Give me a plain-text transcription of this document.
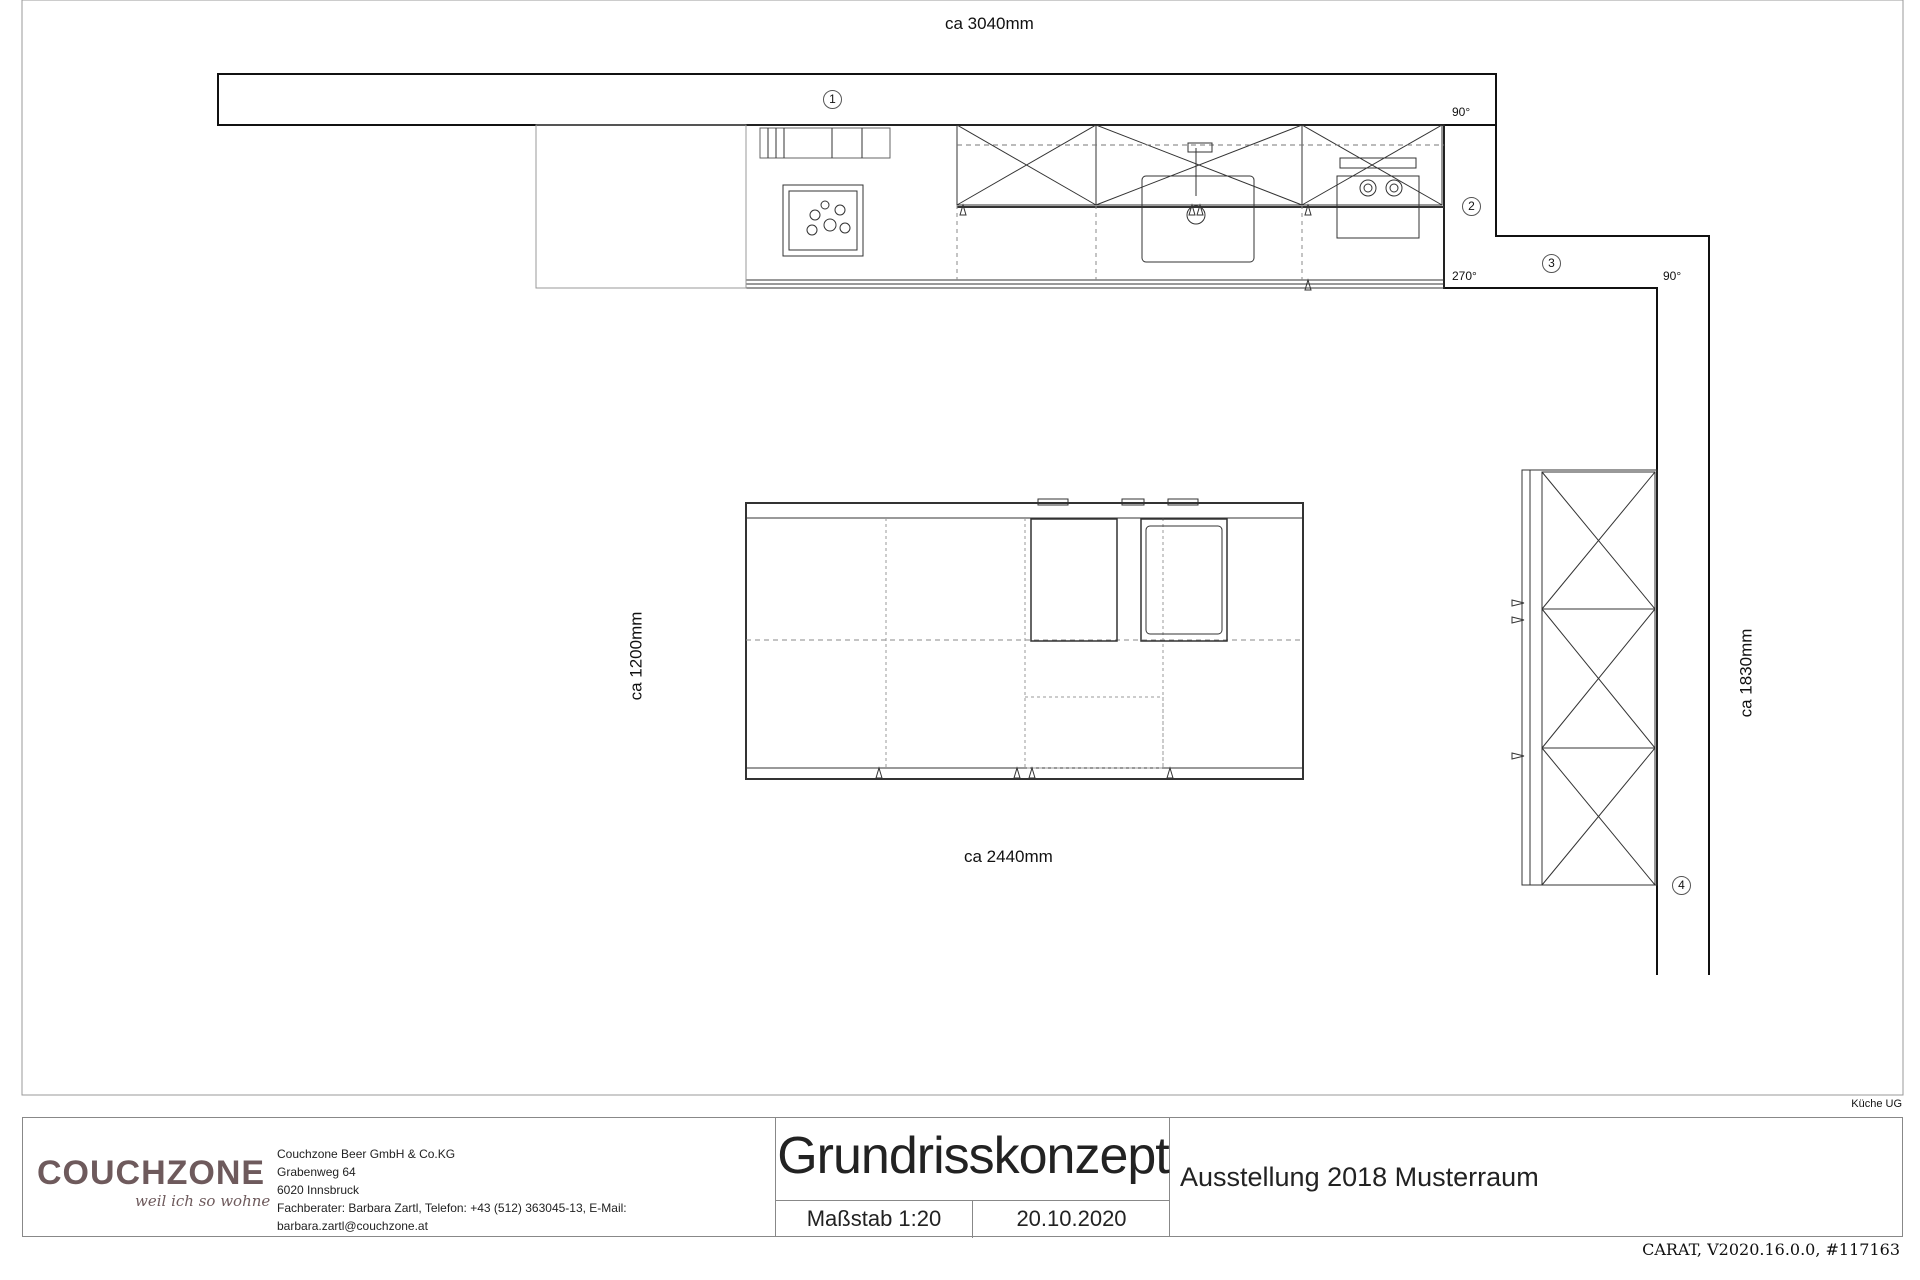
ca 3040mm
ca 1200mm
ca 2440mm
ca 1830mm
90°
270°	90°
1
2
3
4
Küche UG
COUCHZONE
weil ich so wohne
Couchzone Beer GmbH & Co.KG
Grabenweg 64
6020 Innsbruck
Fachberater: Barbara Zartl, Telefon: +43 (512) 363045-13, E-Mail: barbara.zartl@couchzone.at
Grundrisskonzept
Maßstab 1:20	20.10.2020
Ausstellung 2018 Musterraum
CARAT, V2020.16.0.0, #117163
